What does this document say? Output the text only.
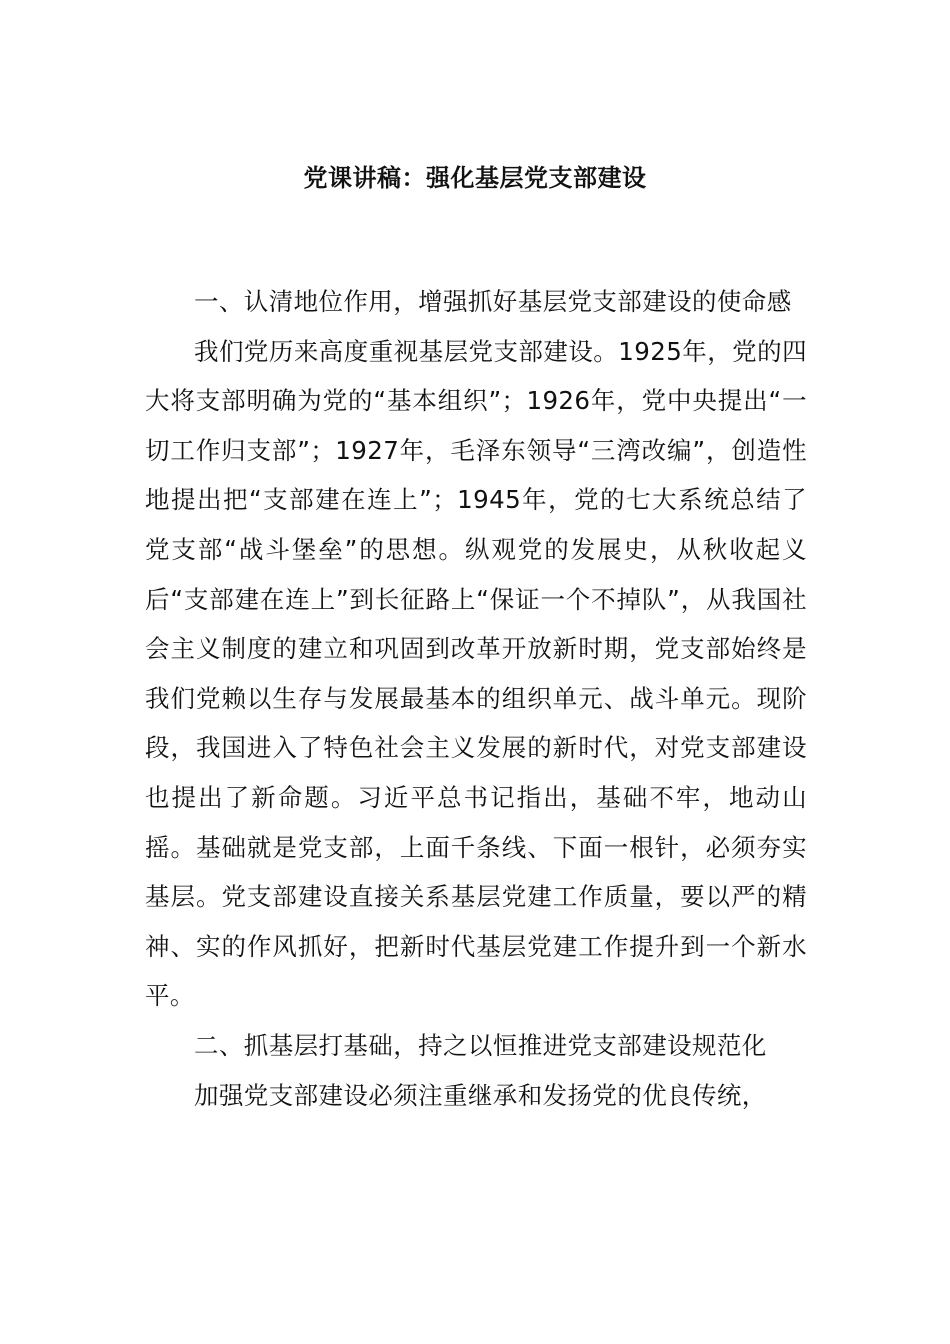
党课讲稿：强化基层党支部建设

一、认清地位作用，增强抓好基层党支部建设的使命感

我们党历来高度重视基层党支部建设。1925年，党的四大将支部明确为党的“基本组织”；1926年，党中央提出“一切工作归支部”；1927年，毛泽东领导“三湾改编”，创造性地提出把“支部建在连上”；1945年，党的七大系统总结了党支部“战斗堡垒”的思想。纵观党的发展史，从秋收起义后“支部建在连上”到长征路上“保证一个不掉队”，从我国社会主义制度的建立和巩固到改革开放新时期，党支部始终是我们党赖以生存与发展最基本的组织单元、战斗单元。现阶段，我国进入了特色社会主义发展的新时代，对党支部建设也提出了新命题。习近平总书记指出，基础不牢，地动山摇。基础就是党支部，上面千条线、下面一根针，必须夯实基层。党支部建设直接关系基层党建工作质量，要以严的精神、实的作风抓好，把新时代基层党建工作提升到一个新水平。

二、抓基层打基础，持之以恒推进党支部建设规范化

加强党支部建设必须注重继承和发扬党的优良传统，
